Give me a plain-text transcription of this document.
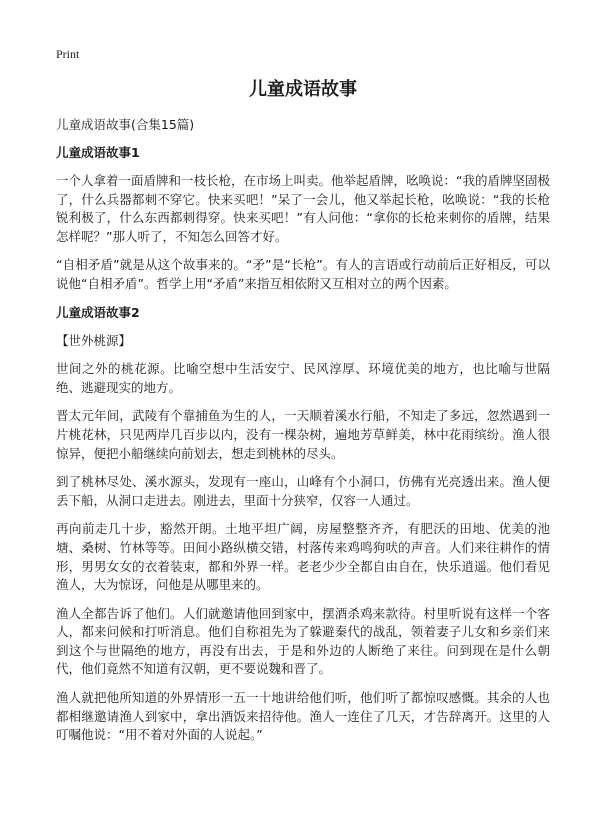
Print

儿童成语故事

儿童成语故事(合集15篇)

儿童成语故事1

一个人拿着一面盾牌和一枝长枪，在市场上叫卖。他举起盾牌，吆唤说：“我的盾牌坚固极了，什么兵器都刺不穿它。快来买吧！”呆了一会儿，他又举起长枪，吆唤说：“我的长枪锐利极了，什么东西都刺得穿。快来买吧！”有人问他：“拿你的长枪来刺你的盾牌，结果怎样呢？”那人听了，不知怎么回答才好。

“自相矛盾”就是从这个故事来的。“矛”是“长枪”。有人的言语或行动前后正好相反，可以说他“自相矛盾”。哲学上用“矛盾”来指互相依附又互相对立的两个因素。

儿童成语故事2

【世外桃源】

世间之外的桃花源。比喻空想中生活安宁、民风淳厚、环境优美的地方，也比喻与世隔绝、逃避现实的地方。

晋太元年间，武陵有个靠捕鱼为生的人，一天顺着溪水行船，不知走了多远，忽然遇到一片桃花林，只见两岸几百步以内，没有一棵杂树，遍地芳草鲜美，林中花雨缤纷。渔人很惊异，便把小船继续向前划去，想走到桃林的尽头。

到了桃林尽处、溪水源头，发现有一座山，山峰有个小洞口，仿佛有光亮透出来。渔人便丢下船，从洞口走进去。刚进去，里面十分狭窄，仅容一人通过。

再向前走几十步，豁然开朗。土地平坦广阔，房屋整整齐齐，有肥沃的田地、优美的池塘、桑树、竹林等等。田间小路纵横交错，村落传来鸡鸣狗吠的声音。人们来往耕作的情形，男男女女的衣着装束，都和外界一样。老老少少全都自由自在，快乐逍遥。他们看见渔人，大为惊讶，问他是从哪里来的。

渔人全都告诉了他们。人们就邀请他回到家中，摆酒杀鸡来款待。村里听说有这样一个客人，都来问候和打听消息。他们自称祖先为了躲避秦代的战乱，领着妻子儿女和乡亲们来到这个与世隔绝的地方，再没有出去，于是和外边的人断绝了来往。问到现在是什么朝代，他们竟然不知道有汉朝，更不要说魏和晋了。

渔人就把他所知道的外界情形一五一十地讲给他们听，他们听了都惊叹感慨。其余的人也都相继邀请渔人到家中，拿出酒饭来招待他。渔人一连住了几天，才告辞离开。这里的人叮嘱他说：“用不着对外面的人说起。”
